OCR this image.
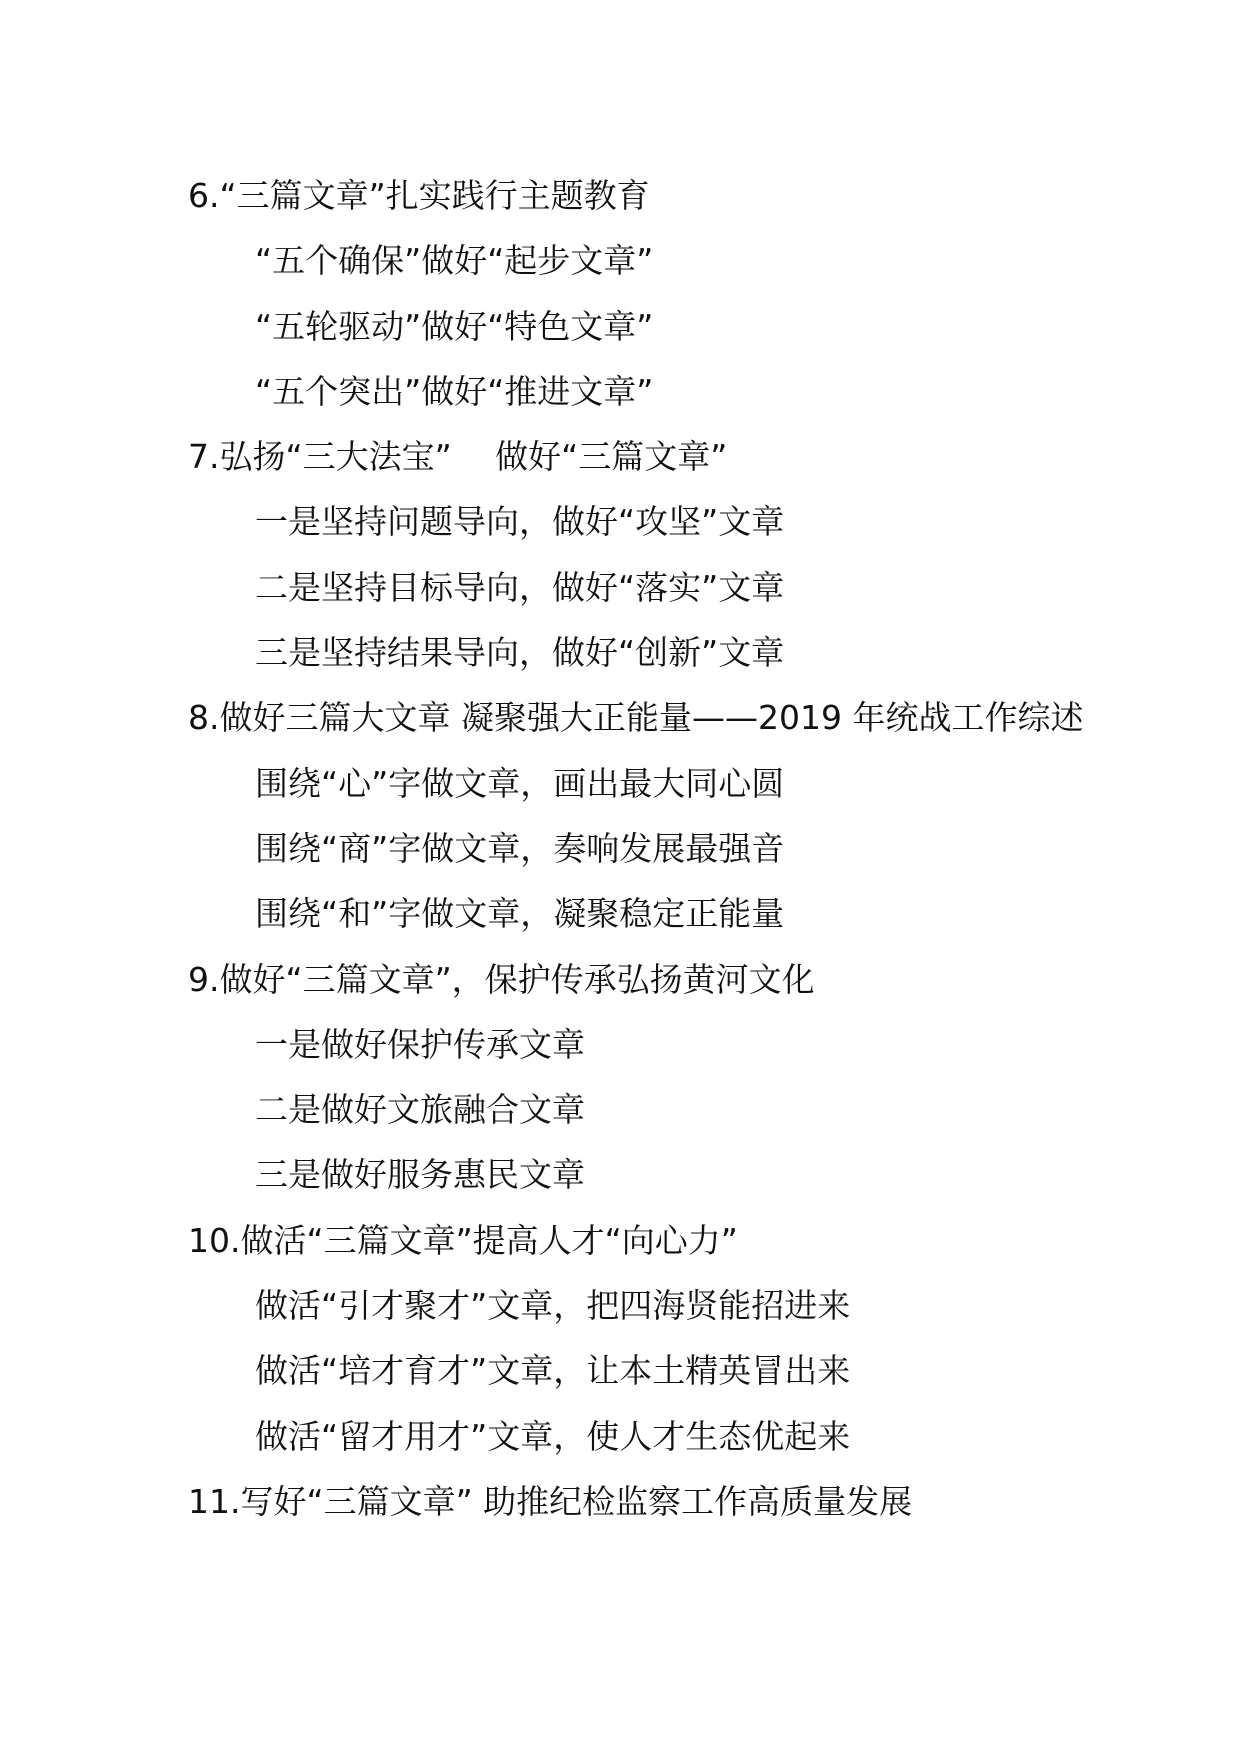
6.“三篇文章”扎实践行主题教育
“五个确保”做好“起步文章”
“五轮驱动”做好“特色文章”
“五个突出”做好“推进文章”
7.弘扬“三大法宝”　 做好“三篇文章”
一是坚持问题导向，做好“攻坚”文章
二是坚持目标导向，做好“落实”文章
三是坚持结果导向，做好“创新”文章
8.做好三篇大文章 凝聚强大正能量——2019 年统战工作综述
围绕“心”字做文章，画出最大同心圆
围绕“商”字做文章，奏响发展最强音
围绕“和”字做文章，凝聚稳定正能量
9.做好“三篇文章”，保护传承弘扬黄河文化
一是做好保护传承文章
二是做好文旅融合文章
三是做好服务惠民文章
10.做活“三篇文章”提高人才“向心力”
做活“引才聚才”文章，把四海贤能招进来
做活“培才育才”文章，让本土精英冒出来
做活“留才用才”文章，使人才生态优起来
11.写好“三篇文章” 助推纪检监察工作高质量发展
